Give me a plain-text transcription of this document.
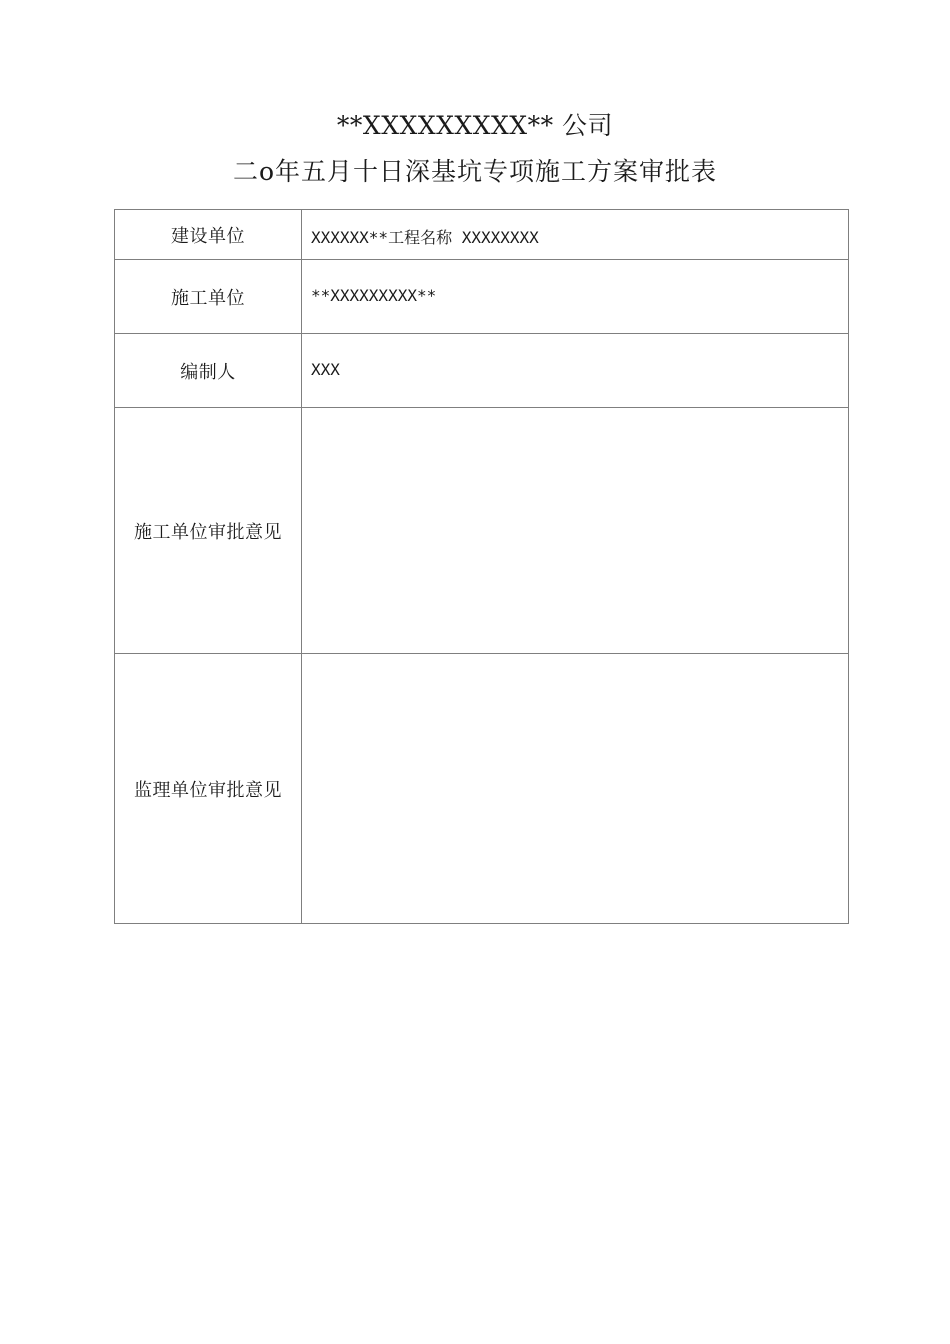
**XXXXXXXXX** 公司
二o年五月十日深基坑专项施工方案审批表
建设单位	XXXXXX**工程名称 XXXXXXXX

施工单位	**XXXXXXXXX**

编制人	XXX

施工单位审批意见	

监理单位审批意见	
